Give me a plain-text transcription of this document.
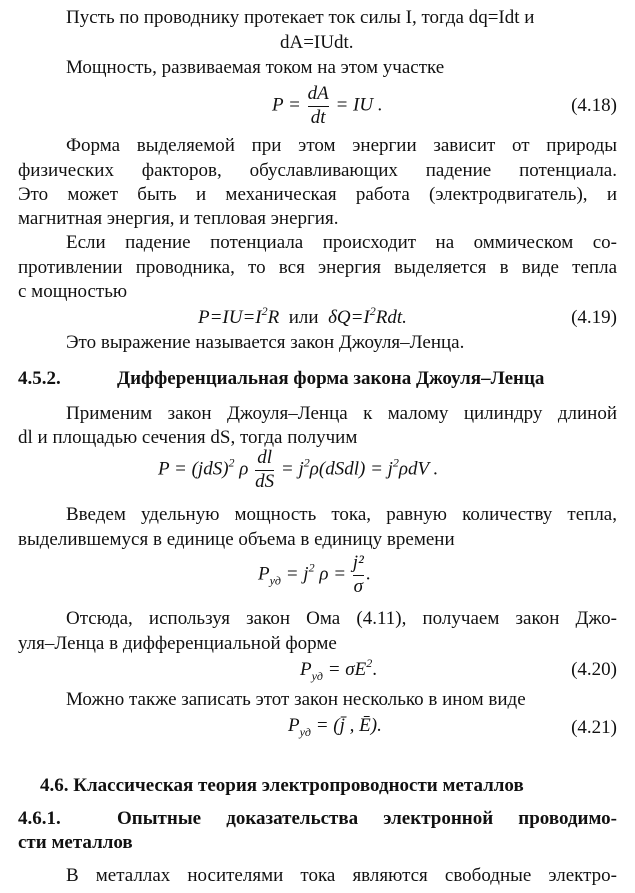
Пусть по проводнику протекает ток силы I, тогда dq=Idt и
dA=IUdt.
Мощность, развиваемая током на этом участке
$P = \frac{dA}{dt}$ = IU .	(4.18)
Форма выделяемой при этом энергии зависит от природы
физических факторов, обуславливающих падение потенциала.
Это может быть и механическая работа (электродвигатель), и
магнитная энергия, и тепловая энергия.
Если падение потенциала происходит на оммическом со-
противлении проводника, то вся энергия выделяется в виде тепла
с мощностью
$P=IU=I^2R$ или $\delta Q=I^2Rdt$.	(4.19)
Это выражение называется закон Джоуля–Ленца.
4.5.2.	Дифференциальная форма закона Джоуля–Ленца
Применим закон Джоуля–Ленца к малому цилиндру длиной
dl и площадью сечения dS, тогда получим
P = (jdS)$^2$ ρ $\frac{dl}{dS}$ = $j^2\rho(dSdl) = j^2\rho dV$ .
Введем удельную мощность тока, равную количеству тепла,
выделившемуся в единице объема в единицу времени
$P_{уд} = j^2$ $\rho = \frac{\text{j²}}{\sigma}$ .
Отсюда, используя закон Ома (4.11), получаем закон Джо-
уля–Ленца в дифференциальной форме
$P_{уд} = \sigma E^2$.	(4.20)
Можно также записать этот закон несколько в ином виде
$P_{уд}$ = (j̄ , Ē).	(4.21)
4.6. Классическая теория электропроводности металлов
4.6.1.	Опытные доказательства электронной проводимо-
сти металлов
В металлах носителями тока являются свободные электро-
